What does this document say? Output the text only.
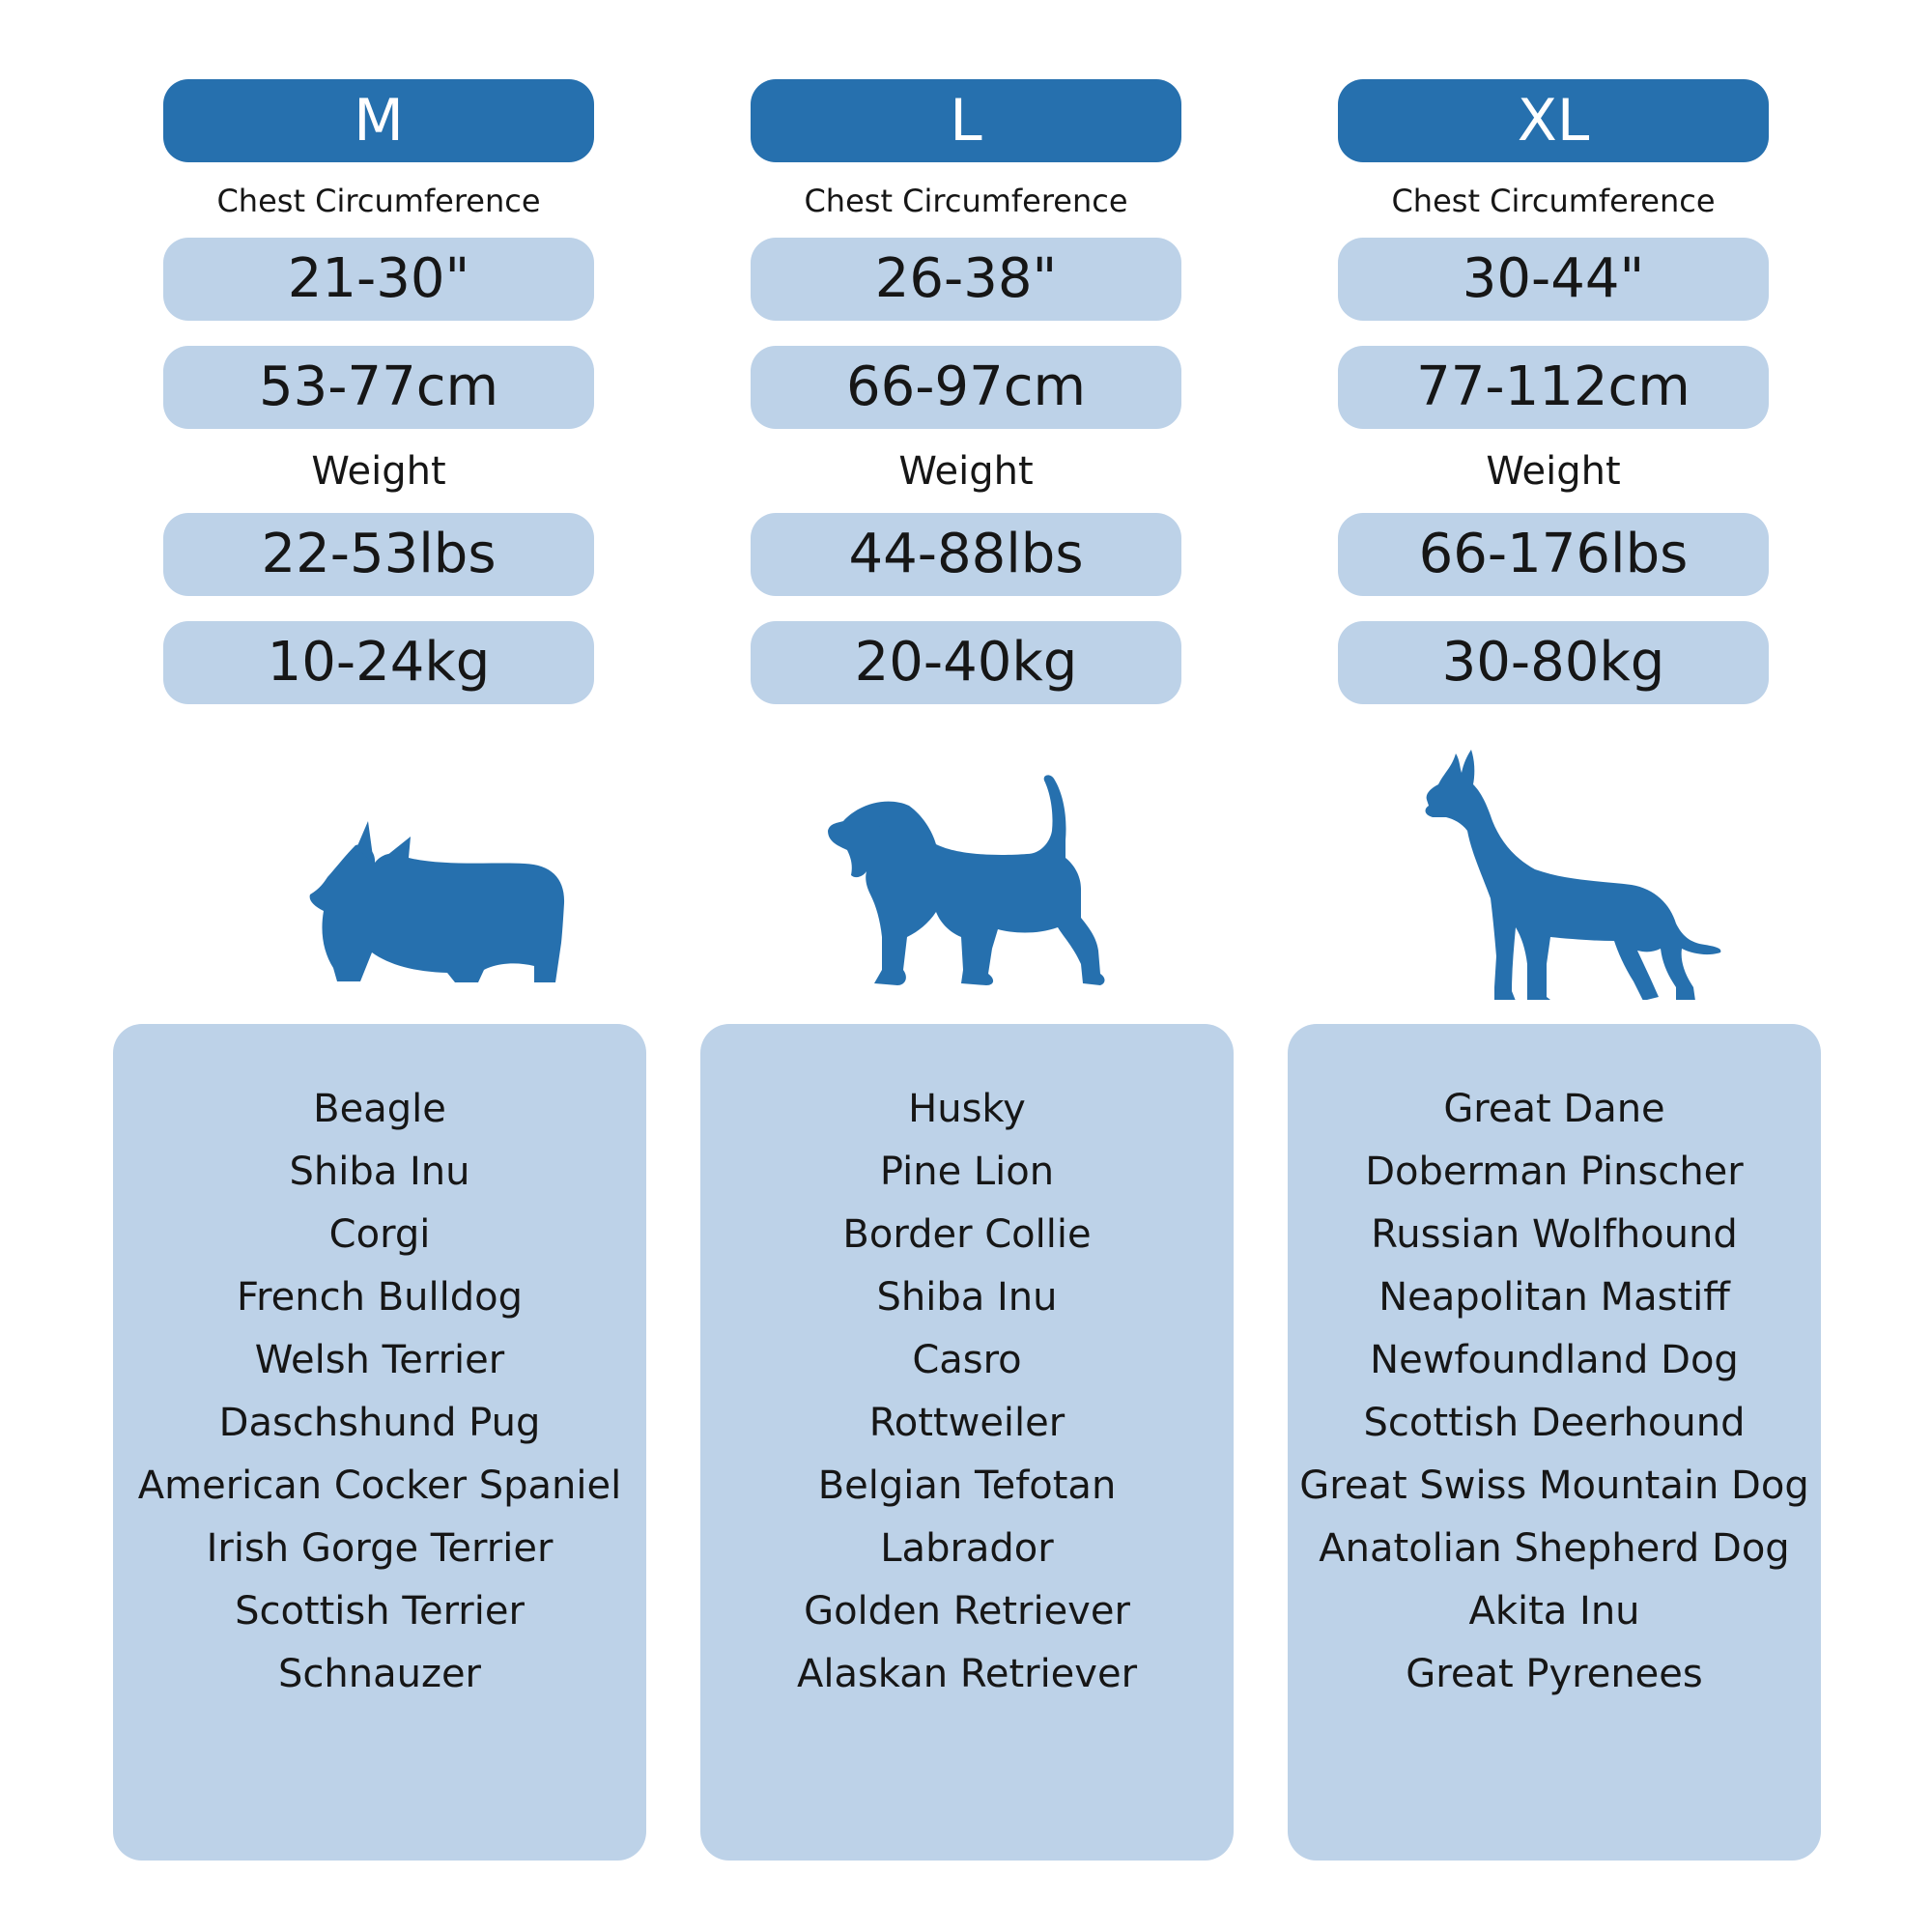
M
Chest Circumference
21-30"
53-77cm
Weight
22-53lbs
10-24kg
Beagle
Shiba Inu
Corgi
French Bulldog
Welsh Terrier
Daschshund Pug
American Cocker Spaniel
Irish Gorge Terrier
Scottish Terrier
Schnauzer
L
Chest Circumference
26-38"
66-97cm
Weight
44-88lbs
20-40kg
Husky
Pine Lion
Border Collie
Shiba Inu
Casro
Rottweiler
Belgian Tefotan
Labrador
Golden Retriever
Alaskan Retriever
XL
Chest Circumference
30-44"
77-112cm
Weight
66-176lbs
30-80kg
Great Dane
Doberman Pinscher
Russian Wolfhound
Neapolitan Mastiff
Newfoundland Dog
Scottish Deerhound
Great Swiss Mountain Dog
Anatolian Shepherd Dog
Akita Inu
Great Pyrenees
